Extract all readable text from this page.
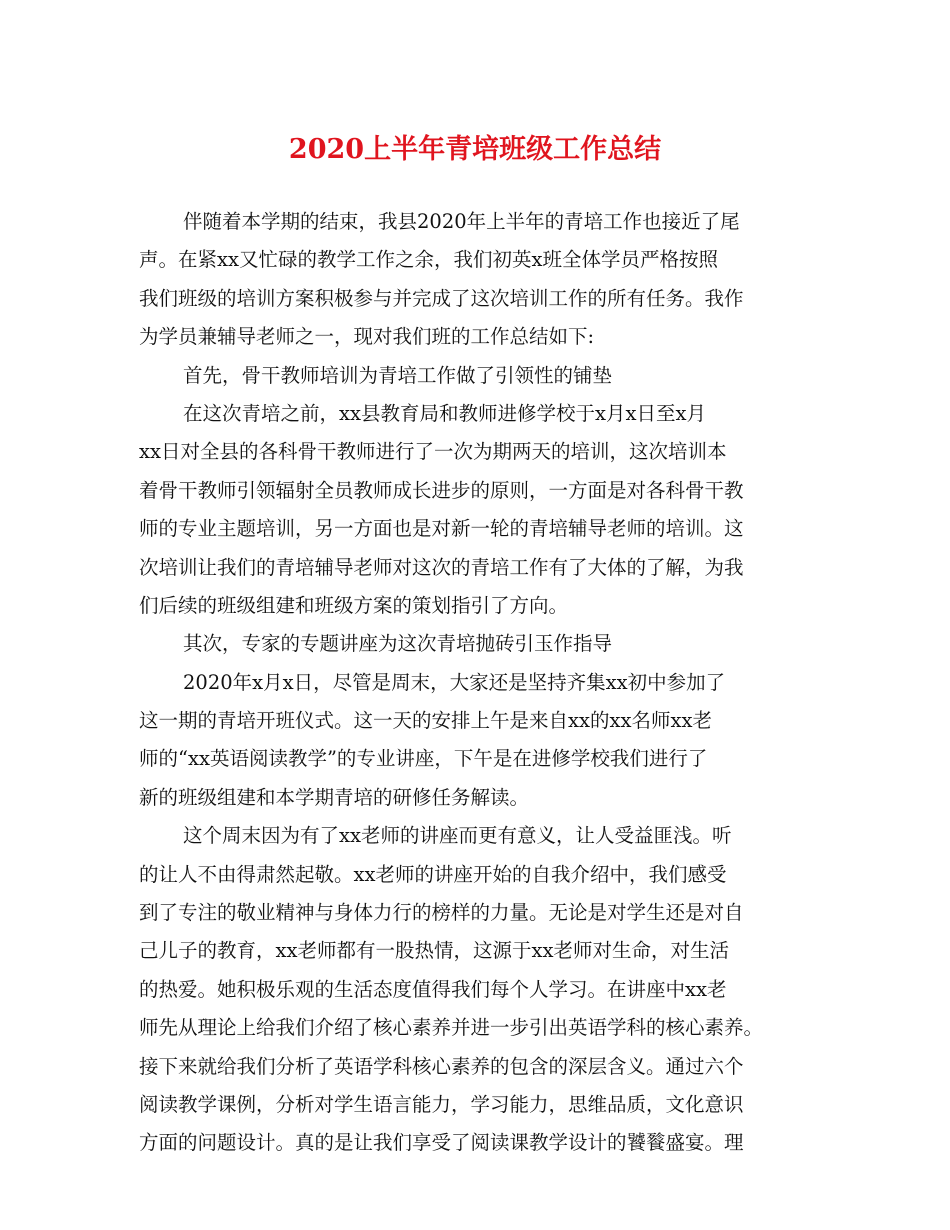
2020上半年青培班级工作总结
伴随着本学期的结束，我县2020年上半年的青培工作也接近了尾
声。在紧xx又忙碌的教学工作之余，我们初英x班全体学员严格按照
我们班级的培训方案积极参与并完成了这次培训工作的所有任务。我作
为学员兼辅导老师之一，现对我们班的工作总结如下:
首先，骨干教师培训为青培工作做了引领性的铺垫
在这次青培之前，xx县教育局和教师进修学校于x月x日至x月
xx日对全县的各科骨干教师进行了一次为期两天的培训，这次培训本
着骨干教师引领辐射全员教师成长进步的原则，一方面是对各科骨干教
师的专业主题培训，另一方面也是对新一轮的青培辅导老师的培训。这
次培训让我们的青培辅导老师对这次的青培工作有了大体的了解，为我
们后续的班级组建和班级方案的策划指引了方向。
其次，专家的专题讲座为这次青培抛砖引玉作指导
2020年x月x日，尽管是周末，大家还是坚持齐集xx初中参加了
这一期的青培开班仪式。这一天的安排上午是来自xx的xx名师xx老
师的“xx英语阅读教学”的专业讲座，下午是在进修学校我们进行了
新的班级组建和本学期青培的研修任务解读。
这个周末因为有了xx老师的讲座而更有意义，让人受益匪浅。听
的让人不由得肃然起敬。xx老师的讲座开始的自我介绍中，我们感受
到了专注的敬业精神与身体力行的榜样的力量。无论是对学生还是对自
己儿子的教育，xx老师都有一股热情，这源于xx老师对生命，对生活
的热爱。她积极乐观的生活态度值得我们每个人学习。在讲座中xx老
师先从理论上给我们介绍了核心素养并进一步引出英语学科的核心素养。
接下来就给我们分析了英语学科核心素养的包含的深层含义。通过六个
阅读教学课例，分析对学生语言能力，学习能力，思维品质，文化意识
方面的问题设计。真的是让我们享受了阅读课教学设计的饕餮盛宴。理
